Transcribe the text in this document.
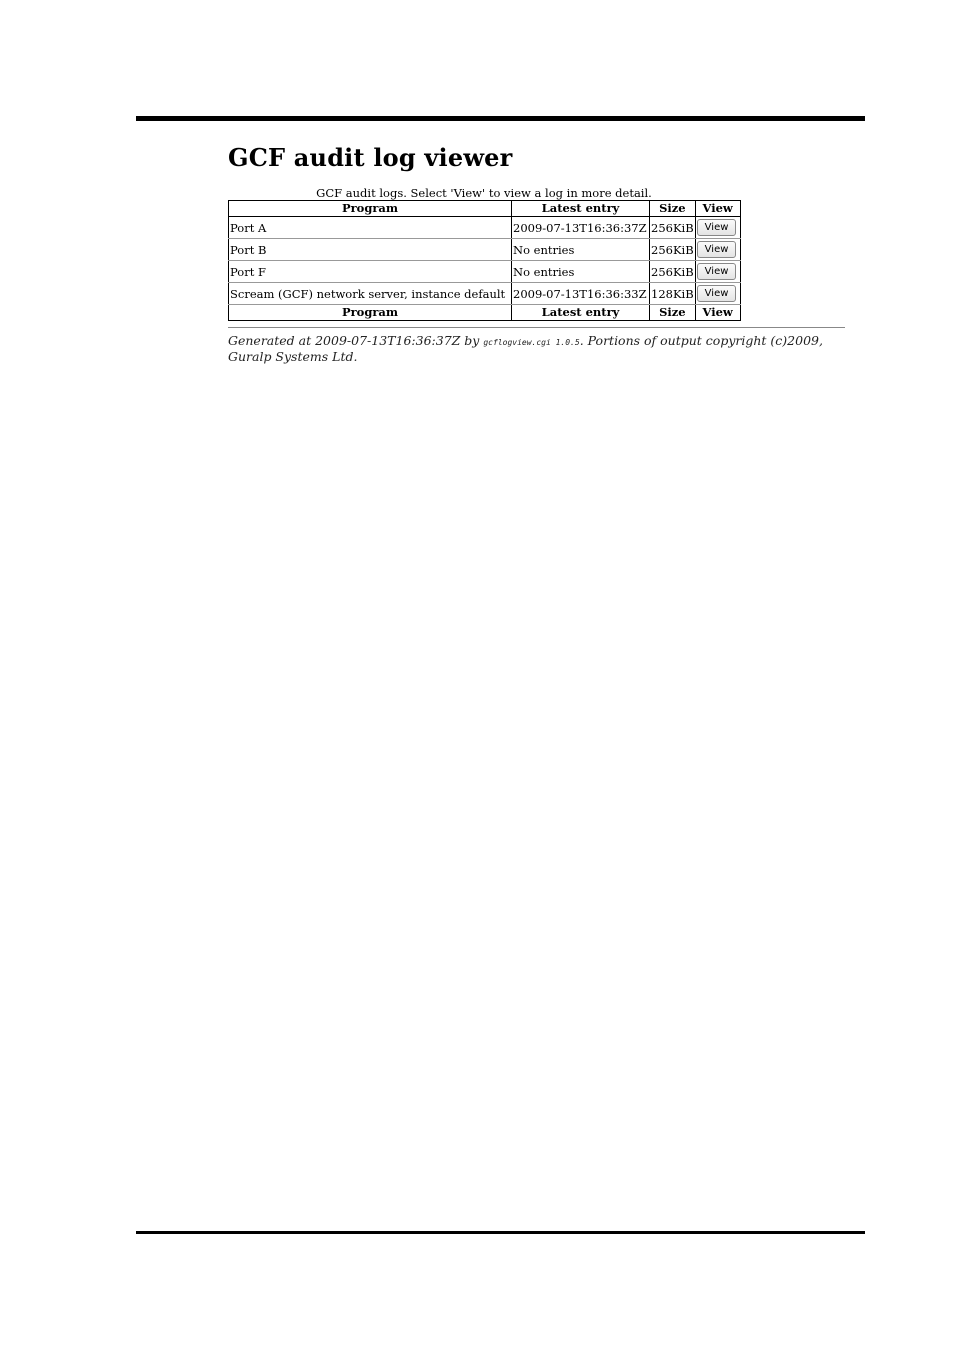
GCF audit log viewer
GCF audit logs. Select 'View' to view a log in more detail.
Program	Latest entry	Size	View
Port A	2009-07-13T16:36:37Z	256KiB	View
Port B	No entries	256KiB	View
Port F	No entries	256KiB	View
Scream (GCF) network server, instance default	2009-07-13T16:36:33Z	128KiB	View
Program	Latest entry	Size	View
Generated at 2009-07-13T16:36:37Z by gcflogview.cgi 1.0.5. Portions of output copyright (c)2009, Guralp Systems Ltd.
